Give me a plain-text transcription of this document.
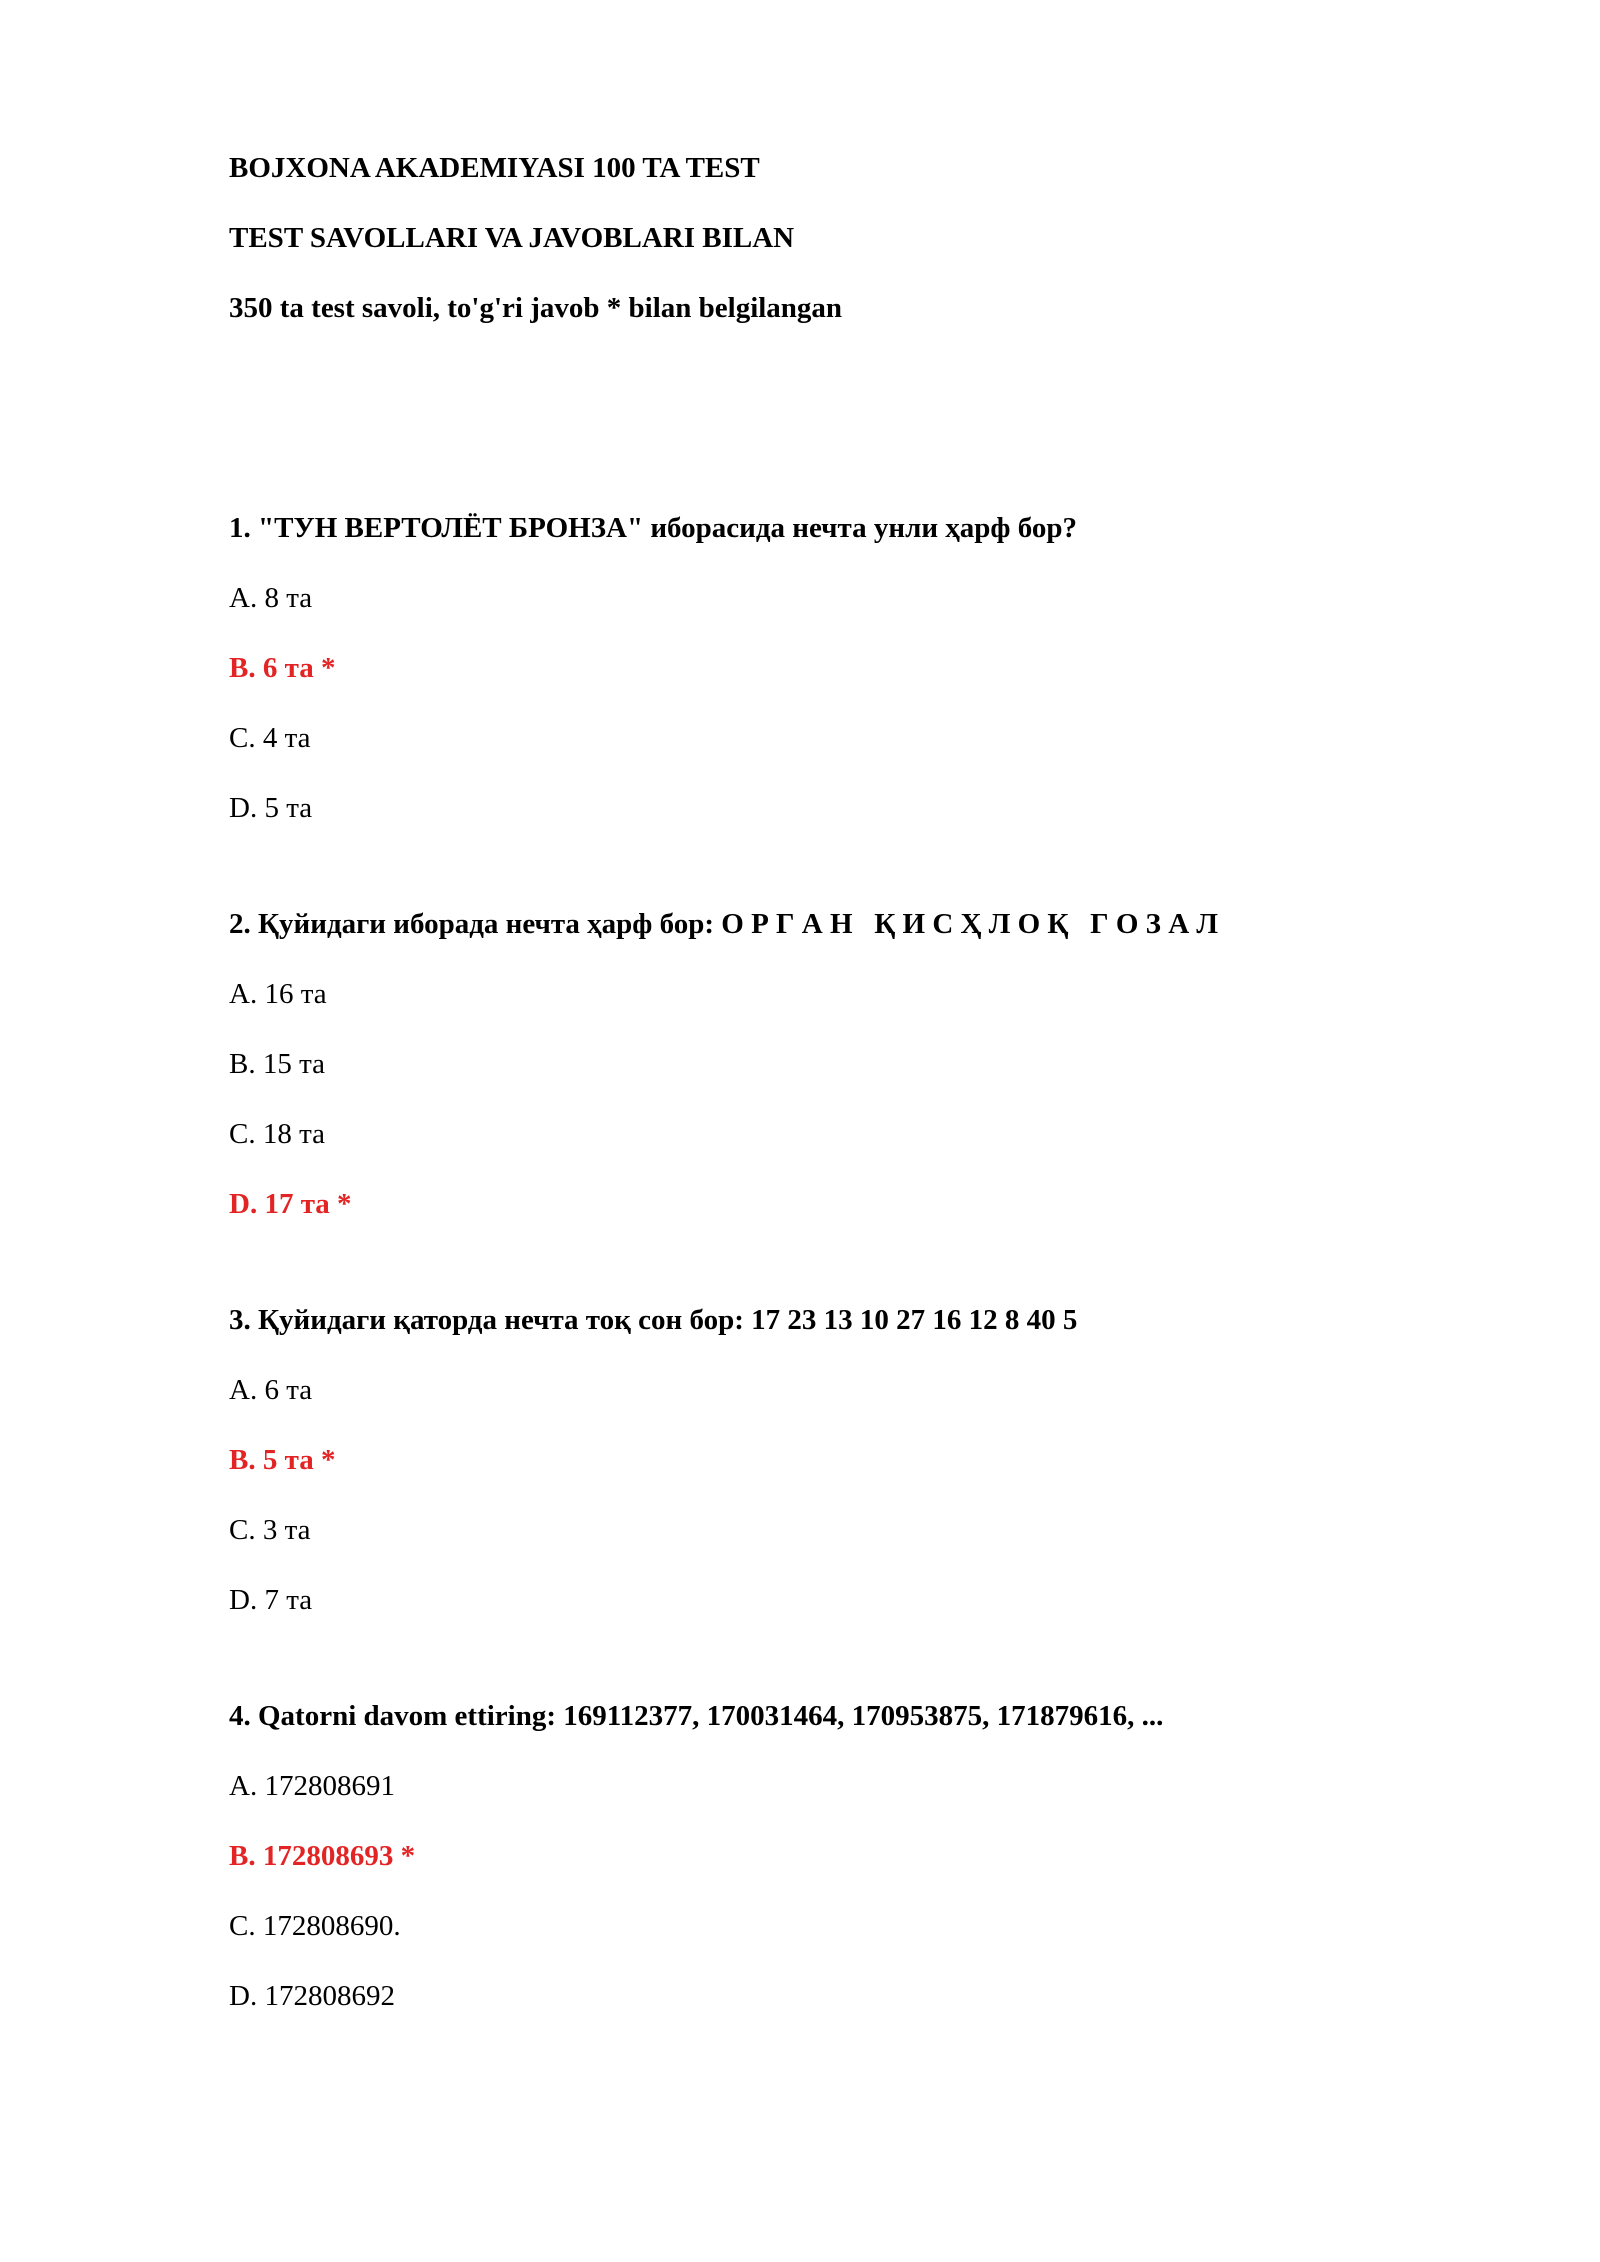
BOJXONA AKADEMIYASI 100 TA TEST
TEST SAVOLLARI VA JAVOBLARI BILAN
350 ta test savoli, to'g'ri javob * bilan belgilangan
1. "ТУН ВЕРТОЛЁТ БРОНЗА" иборасида нечта унли ҳарф бор?
A. 8 та
B. 6 та *
C. 4 та
D. 5 та
2. Қуйидаги иборада нечта ҳарф бор: О Р Г А Н   Қ И С Ҳ Л О Қ   Г О З А Л
A. 16 та
B. 15 та
C. 18 та
D. 17 та *
3. Қуйидаги қаторда нечта тоқ сон бор: 17 23 13 10 27 16 12 8 40 5
A. 6 та
B. 5 та *
C. 3 та
D. 7 та
4. Qatorni davom ettiring: 169112377, 170031464, 170953875, 171879616, ...
A. 172808691
B. 172808693 *
C. 172808690.
D. 172808692
